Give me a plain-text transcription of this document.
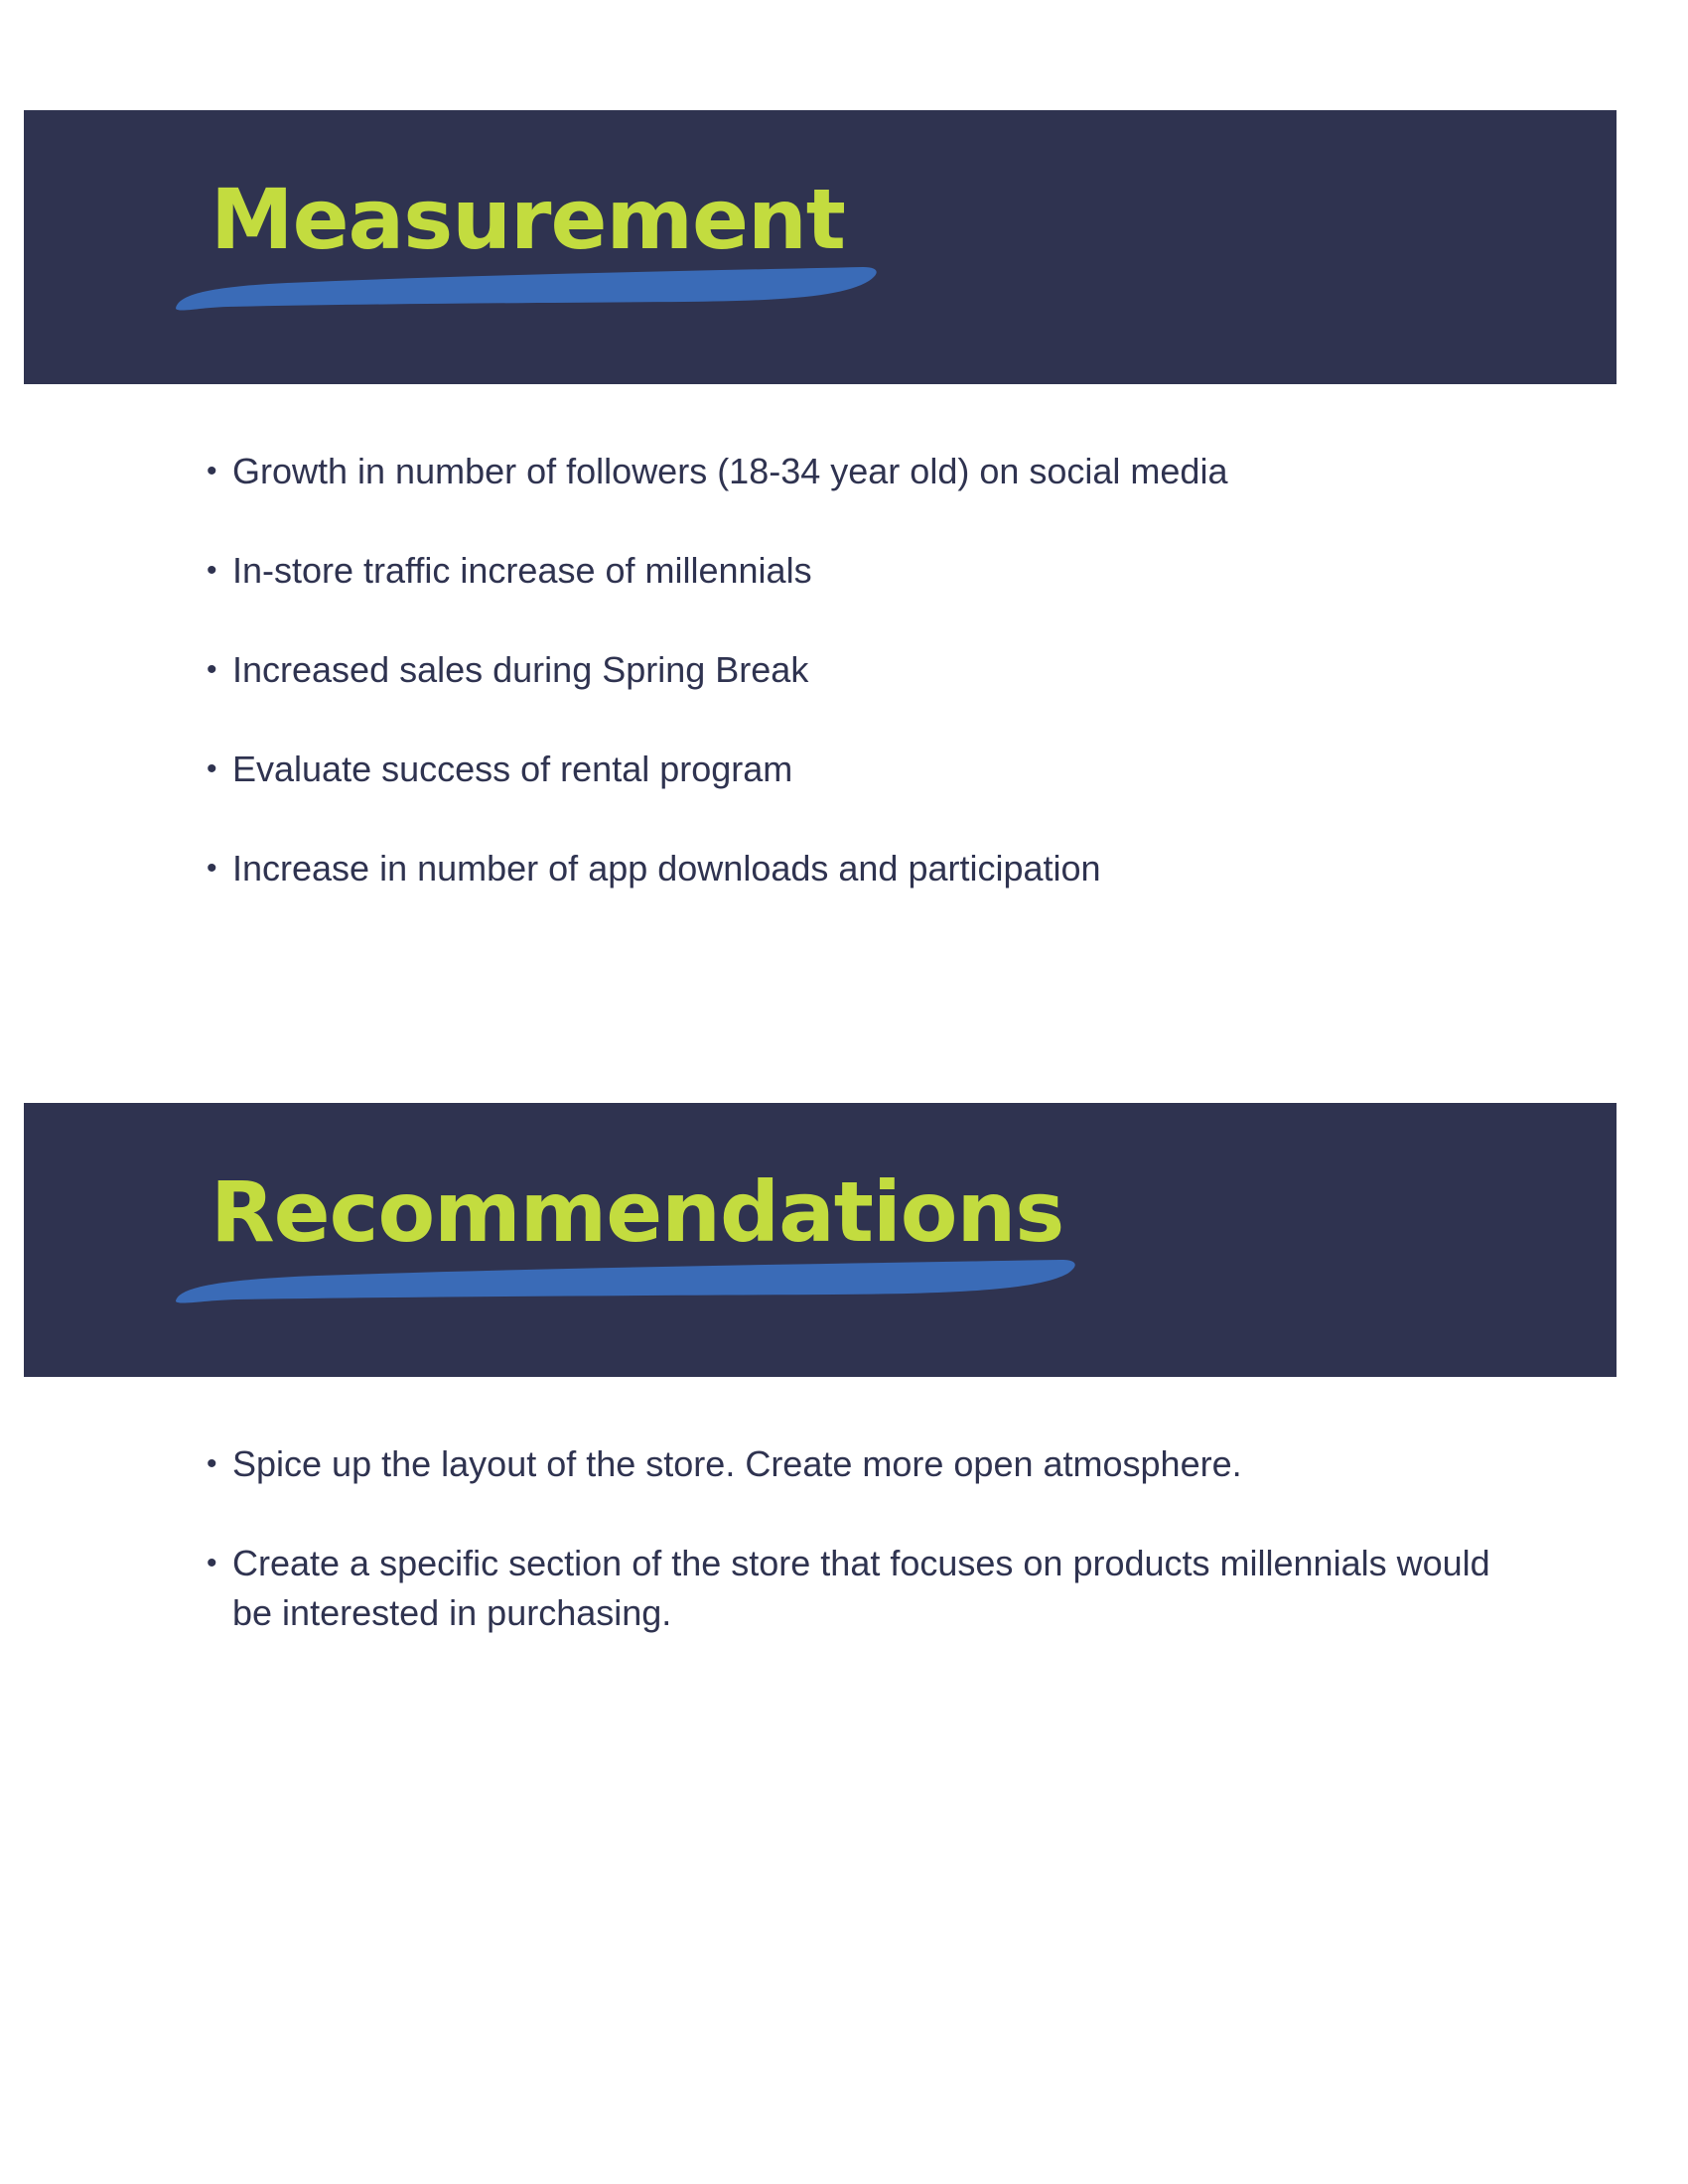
Measurement
• Growth in number of followers (18-34 year old) on social media
• In-store traffic increase of millennials
• Increased sales during Spring Break
• Evaluate success of rental program
• Increase in number of app downloads and participation
Recommendations
• Spice up the layout of the store. Create more open atmosphere.
• Create a specific section of the store that focuses on products millennials would be interested in purchasing.
